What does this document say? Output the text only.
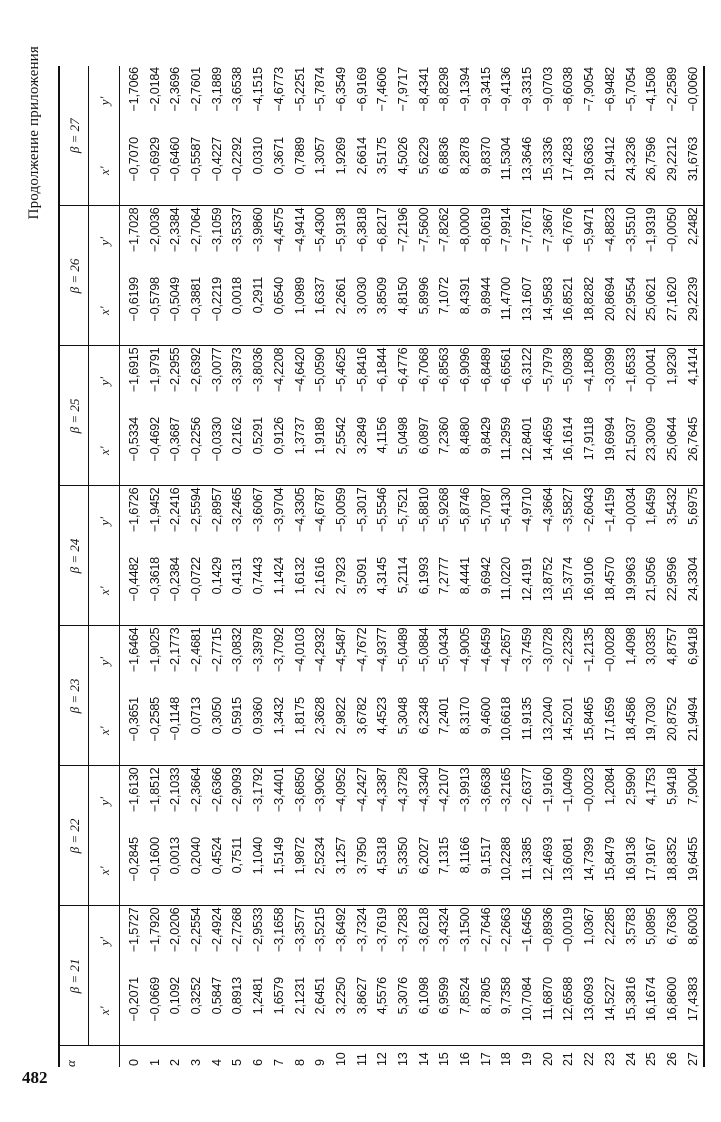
482
Продолжение приложения
α	β = 21		β = 22		β = 23		β = 24		β = 25		β = 26		β = 27	
	x'	y'	x'	y'	x'	y'	x'	y'	x'	y'	x'	y'	x'	y'
0	−0,2071	−1,5727	−0,2845	−1,6130	−0,3651	−1,6464	−0,4482	−1,6726	−0,5334	−1,6915	−0,6199	−1,7028	−0,7070	−1,7066
1	−0,0669	−1,7920	−0,1600	−1,8512	−0,2585	−1,9025	−0,3618	−1,9452	−0,4692	−1,9791	−0,5798	−2,0036	−0,6929	−2,0184
2	0,1092	−2,0206	0,0013	−2,1033	−0,1148	−2,1773	−0,2384	−2,2416	−0,3687	−2,2955	−0,5049	−2,3384	−0,6460	−2,3696
3	0,3252	−2,2554	0,2040	−2,3664	0,0713	−2,4681	−0,0722	−2,5594	−0,2256	−2,6392	−0,3881	−2,7064	−0,5587	−2,7601
4	0,5847	−2,4924	0,4524	−2,6366	0,3050	−2,7715	0,1429	−2,8957	−0,0330	−3,0077	−0,2219	−3,1059	−0,4227	−3,1889
5	0,8913	−2,7268	0,7511	−2,9093	0,5915	−3,0832	0,4131	−3,2465	0,2162	−3,3973	0,0018	−3,5337	−0,2292	−3,6538
6	1,2481	−2,9533	1,1040	−3,1792	0,9360	−3,3978	0,7443	−3,6067	0,5291	−3,8036	0,2911	−3,9860	0,0310	−4,1515
7	1,6579	−3,1658	1,5149	−3,4401	1,3432	−3,7092	1,1424	−3,9704	0,9126	−4,2208	0,6540	−4,4575	0,3671	−4,6773
8	2,1231	−3,3577	1,9872	−3,6850	1,8175	−4,0103	1,6132	−4,3305	1,3737	−4,6420	1,0989	−4,9414	0,7889	−5,2251
9	2,6451	−3,5215	2,5234	−3,9062	2,3628	−4,2932	2,1616	−4,6787	1,9189	−5,0590	1,6337	−5,4300	1,3057	−5,7874
10	3,2250	−3,6492	3,1257	−4,0952	2,9822	−4,5487	2,7923	−5,0059	2,5542	−5,4625	2,2661	−5,9138	1,9269	−6,3549
11	3,8627	−3,7324	3,7950	−4,2427	3,6782	−4,7672	3,5091	−5,3017	3,2849	−5,8416	3,0030	−6,3818	2,6614	−6,9169
12	4,5576	−3,7619	4,5318	−4,3387	4,4523	−4,9377	4,3145	−5,5546	4,1156	−6,1844	3,8509	−6,8217	3,5175	−7,4606
13	5,3076	−3,7283	5,3350	−4,3728	5,3048	−5,0489	5,2114	−5,7521	5,0498	−6,4776	4,8150	−7,2196	4,5026	−7,9717
14	6,1098	−3,6218	6,2027	−4,3340	6,2348	−5,0884	6,1993	−5,8810	6,0897	−6,7068	5,8996	−7,5600	5,6229	−8,4341
15	6,9599	−3,4324	7,1315	−4,2107	7,2401	−5,0434	7,2777	−5,9268	7,2360	−6,8563	7,1072	−7,8262	6,8836	−8,8298
16	7,8524	−3,1500	8,1166	−3,9913	8,3170	−4,9005	8,4441	−5,8746	8,4880	−6,9096	8,4391	−8,0000	8,2878	−9,1394
17	8,7805	−2,7646	9,1517	−3,6638	9,4600	−4,6459	9,6942	−5,7087	9,8429	−6,8489	9,8944	−8,0619	9,8370	−9,3415
18	9,7358	−2,2663	10,2288	−3,2165	10,6618	−4,2657	11,0220	−5,4130	11,2959	−6,6561	11,4700	−7,9914	11,5304	−9,4136
19	10,7084	−1,6456	11,3385	−2,6377	11,9135	−3,7459	12,4191	−4,9710	12,8401	−6,3122	13,1607	−7,7671	13,3646	−9,3315
20	11,6870	−0,8936	12,4693	−1,9160	13,2040	−3,0728	13,8752	−4,3664	14,4659	−5,7979	14,9583	−7,3667	15,3336	−9,0703
21	12,6588	−0,0019	13,6081	−1,0409	14,5201	−2,2329	15,3774	−3,5827	16,1614	−5,0938	16,8521	−6,7676	17,4283	−8,6038
22	13,6093	1,0367	14,7399	−0,0023	15,8465	−1,2135	16,9106	−2,6043	17,9118	−4,1808	18,8282	−5,9471	19,6363	−7,9054
23	14,5227	2,2285	15,8479	1,2084	17,1659	−0,0028	18,4570	−1,4159	19,6994	−3,0399	20,8694	−4,8823	21,9412	−6,9482
24	15,3816	3,5783	16,9136	2,5990	18,4586	1,4098	19,9963	−0,0034	21,5037	−1,6533	22,9554	−3,5510	24,3236	−5,7054
25	16,1674	5,0895	17,9167	4,1753	19,7030	3,0335	21,5056	1,6459	23,3009	−0,0041	25,0621	−1,9319	26,7596	−4,1508
26	16,8600	6,7636	18,8352	5,9418	20,8752	4,8757	22,9596	3,5432	25,0644	1,9230	27,1620	−0,0050	29,2212	−2,2589
27	17,4383	8,6003	19,6455	7,9004	21,9494	6,9418	24,3304	5,6975	26,7645	4,1414	29,2239	2,2482	31,6763	−0,0060
